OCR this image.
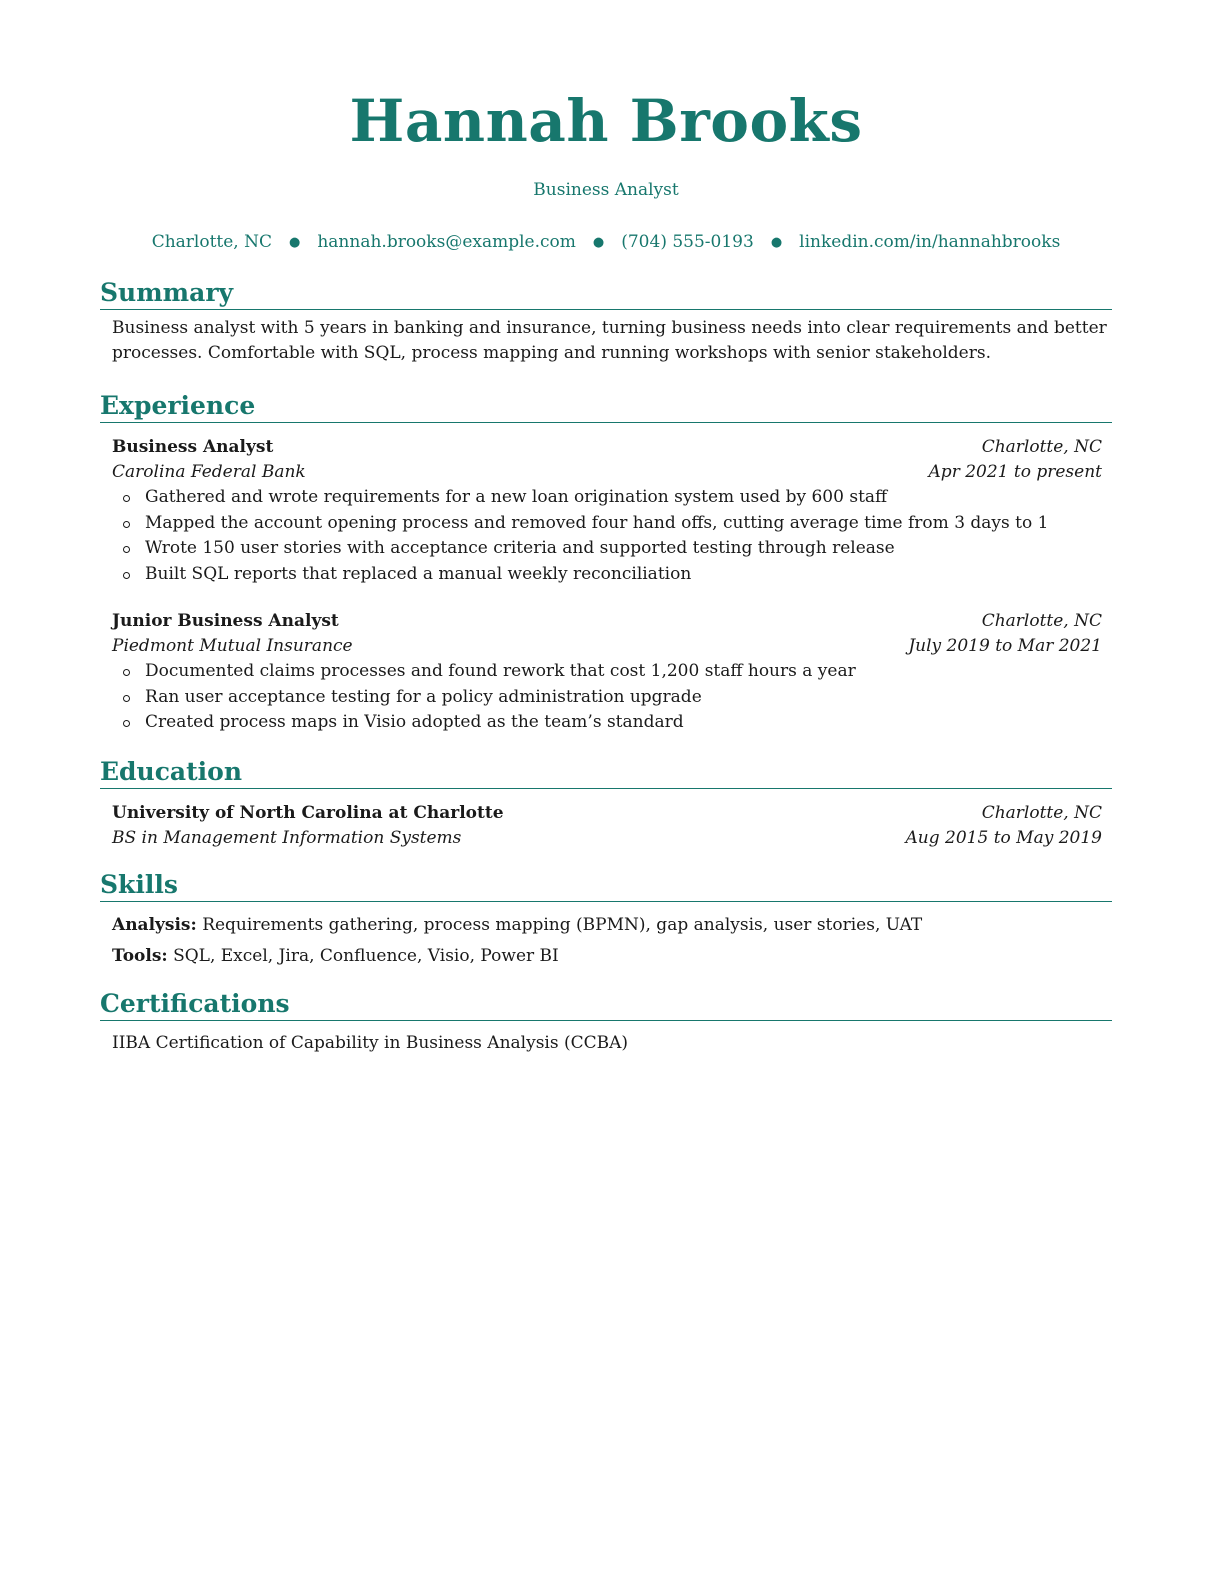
Hannah Brooks
Business Analyst
Charlotte, NC ● hannah.brooks@example.com ● (704) 555-0193 ● linkedin.com/in/hannahbrooks
Summary
Business analyst with 5 years in banking and insurance, turning business needs into clear requirements and better processes. Comfortable with SQL, process mapping and running workshops with senior stakeholders.
Experience
Business Analyst	Charlotte, NC
Carolina Federal Bank	Apr 2021 to present
Gathered and wrote requirements for a new loan origination system used by 600 staff
Mapped the account opening process and removed four hand offs, cutting average time from 3 days to 1
Wrote 150 user stories with acceptance criteria and supported testing through release
Built SQL reports that replaced a manual weekly reconciliation
Junior Business Analyst	Charlotte, NC
Piedmont Mutual Insurance	July 2019 to Mar 2021
Documented claims processes and found rework that cost 1,200 staff hours a year
Ran user acceptance testing for a policy administration upgrade
Created process maps in Visio adopted as the team’s standard
Education
University of North Carolina at Charlotte	Charlotte, NC
BS in Management Information Systems	Aug 2015 to May 2019
Skills
Analysis: Requirements gathering, process mapping (BPMN), gap analysis, user stories, UAT
Tools: SQL, Excel, Jira, Confluence, Visio, Power BI
Certifications
IIBA Certification of Capability in Business Analysis (CCBA)
